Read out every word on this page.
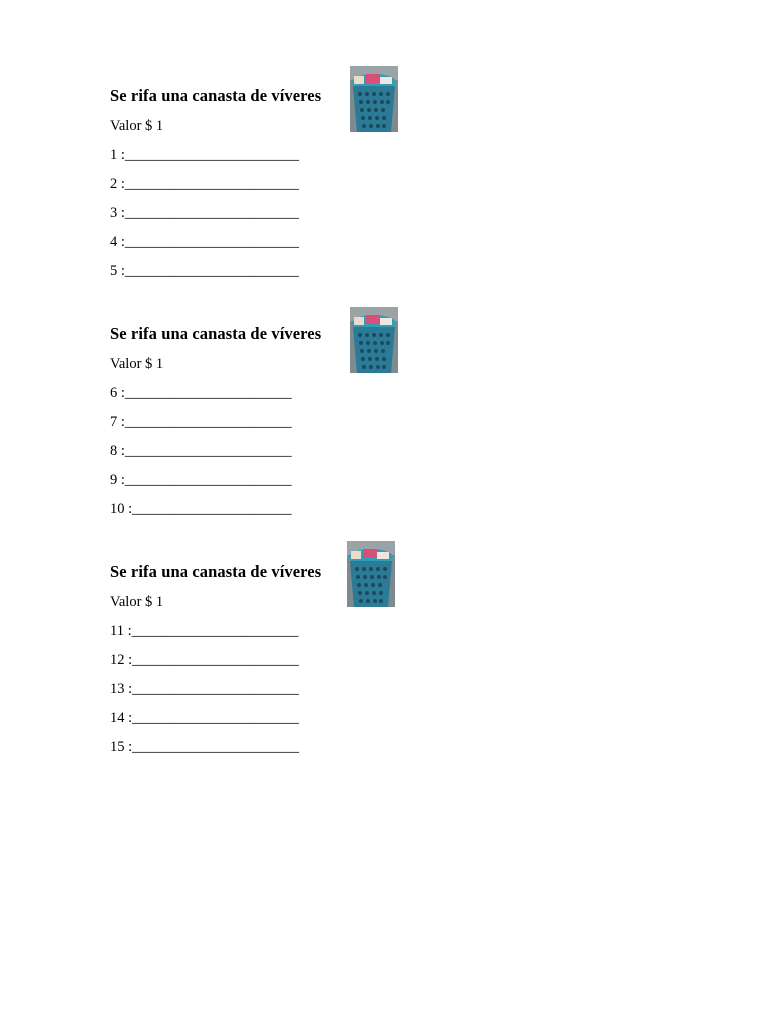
Se rifa una canasta de víveres
Valor $ 1
1 :________________________
2 :________________________
3 :________________________
4 :________________________
5 :________________________
Se rifa una canasta de víveres
Valor $ 1
6 :_______________________
7 :_______________________
8 :_______________________
9 :_______________________
10 :______________________
Se rifa una canasta de víveres
Valor $ 1
11 :_______________________
12 :_______________________
13 :_______________________
14 :_______________________
15 :_______________________
